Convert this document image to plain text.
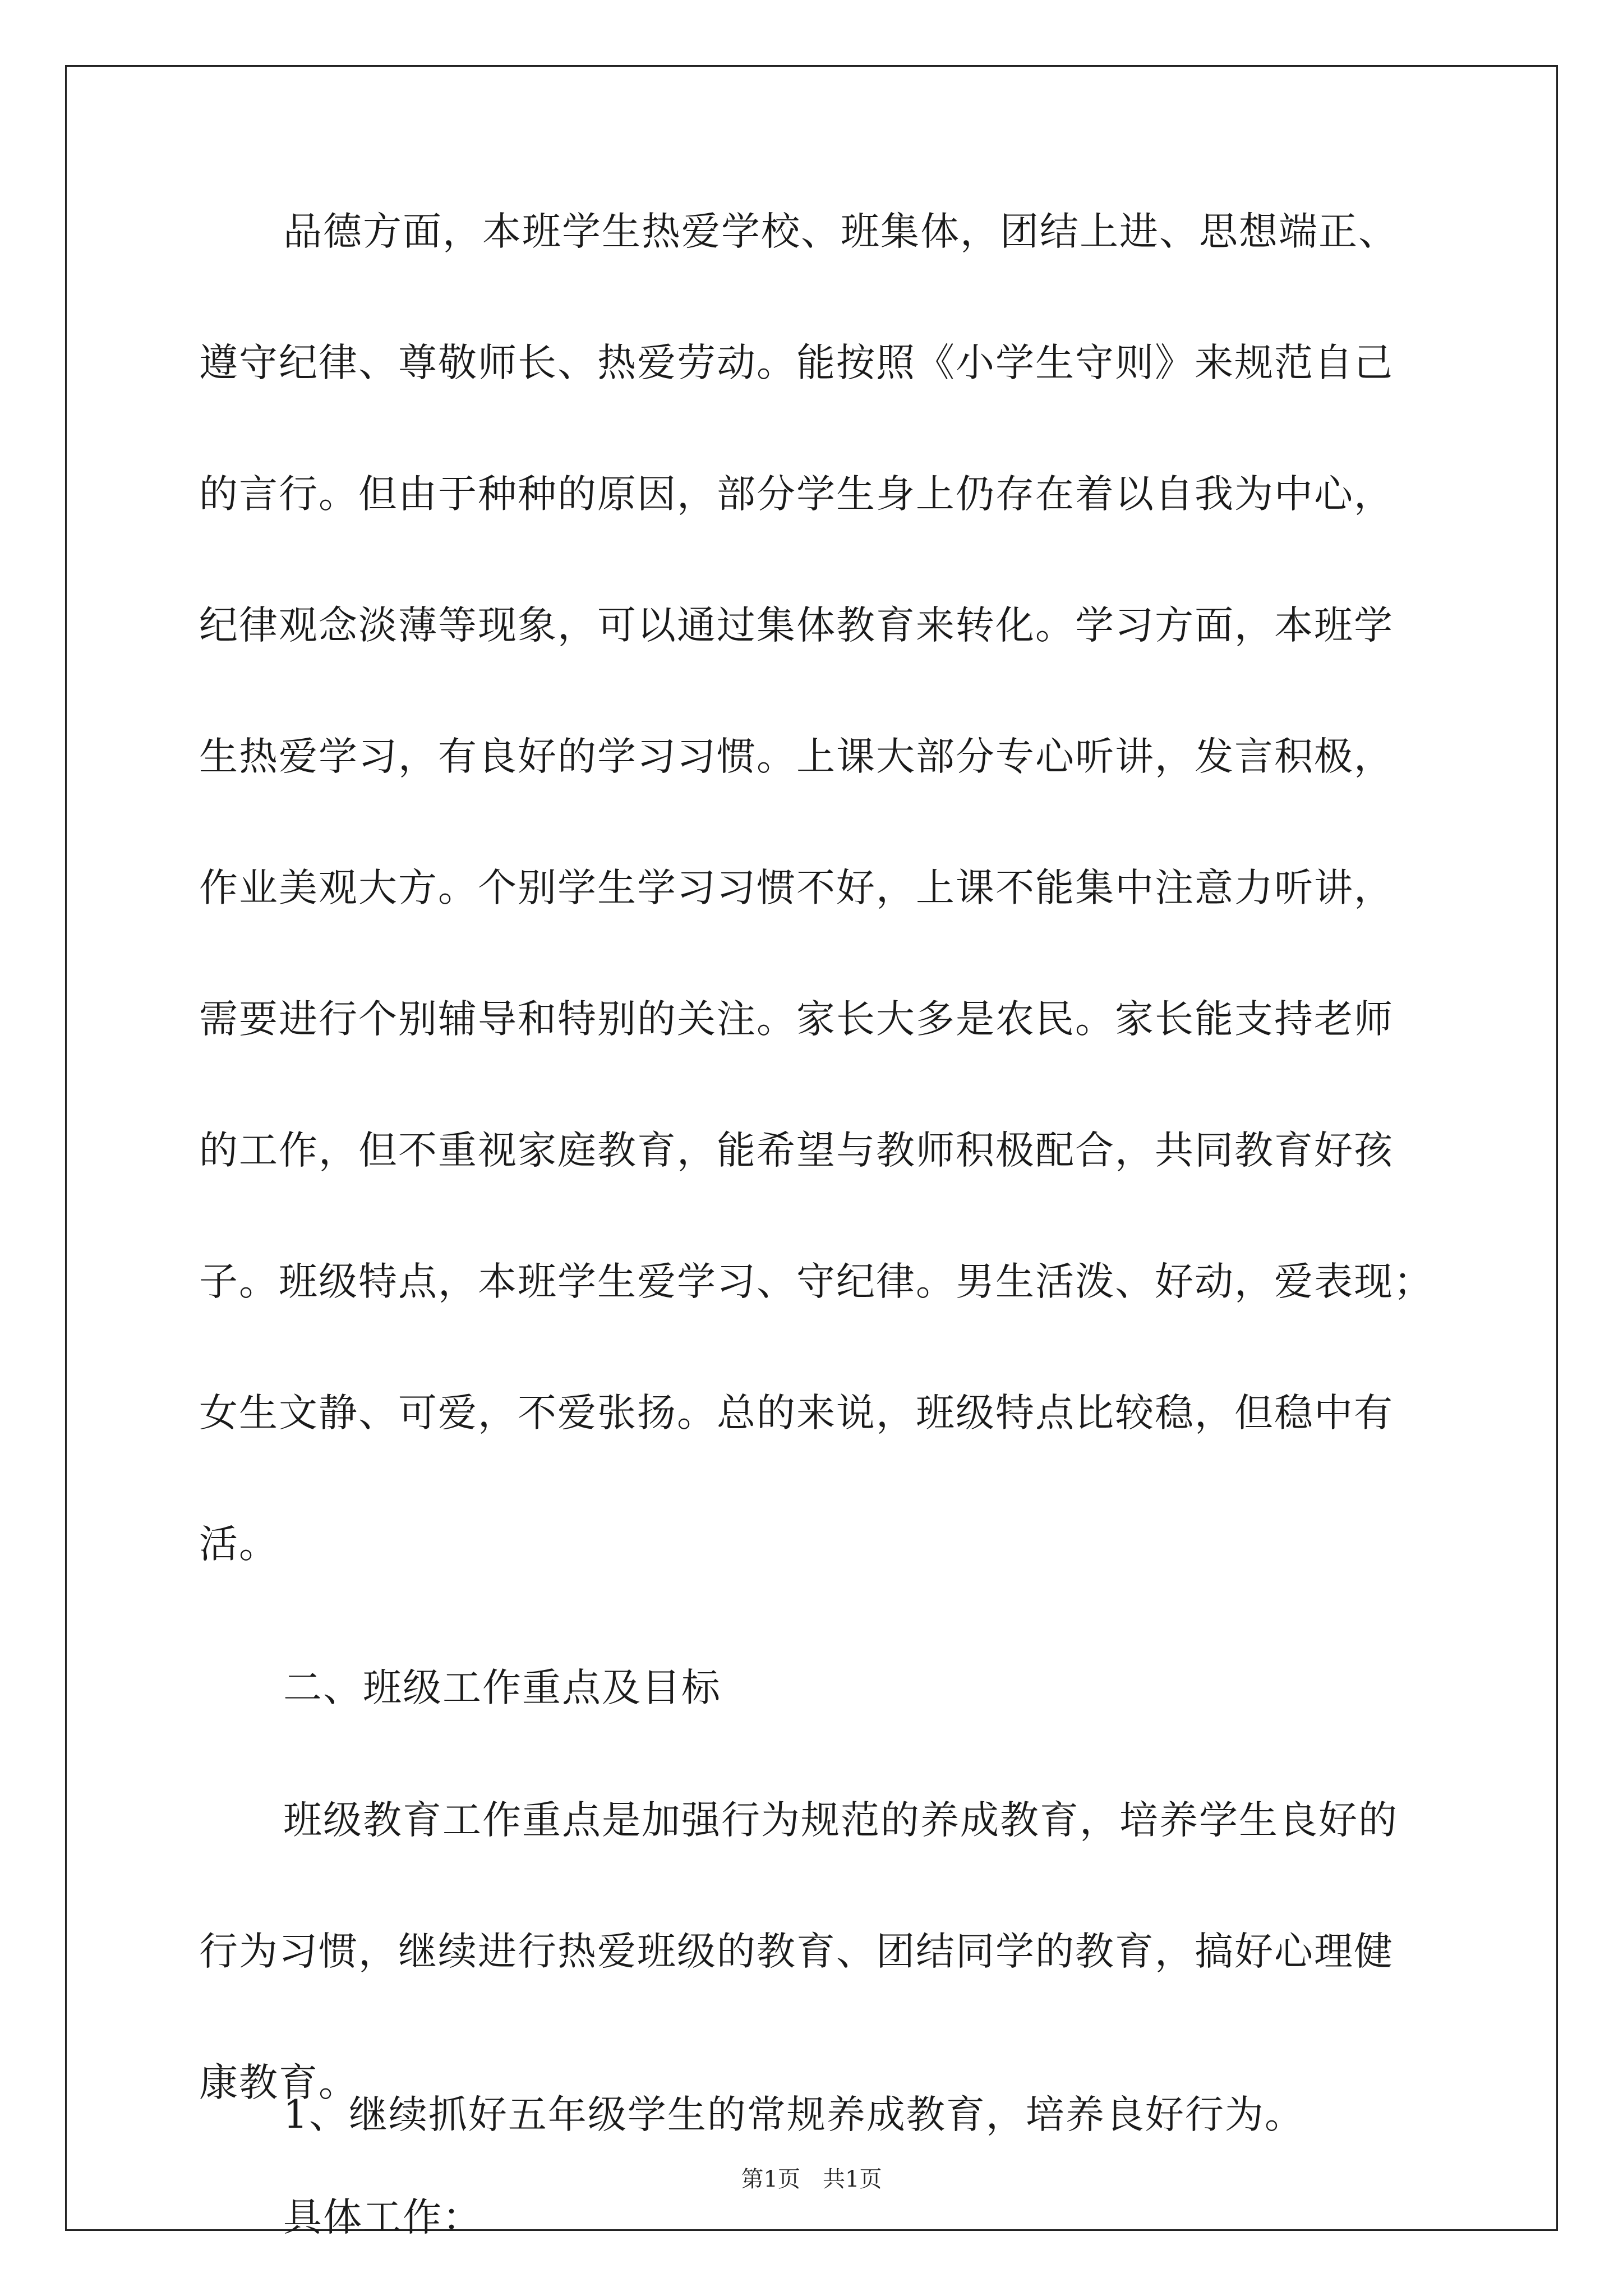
品德方面，本班学生热爱学校、班集体，团结上进、思想端正、
遵守纪律、尊敬师长、热爱劳动。能按照《小学生守则》来规范自己
的言行。但由于种种的原因，部分学生身上仍存在着以自我为中心，
纪律观念淡薄等现象，可以通过集体教育来转化。学习方面，本班学
生热爱学习，有良好的学习习惯。上课大部分专心听讲，发言积极，
作业美观大方。个别学生学习习惯不好，上课不能集中注意力听讲，
需要进行个别辅导和特别的关注。家长大多是农民。家长能支持老师
的工作，但不重视家庭教育，能希望与教师积极配合，共同教育好孩
子。班级特点，本班学生爱学习、守纪律。男生活泼、好动，爱表现；
女生文静、可爱，不爱张扬。总的来说，班级特点比较稳，但稳中有
活。
二、班级工作重点及目标
班级教育工作重点是加强行为规范的养成教育，培养学生良好的
行为习惯，继续进行热爱班级的教育、团结同学的教育，搞好心理健
康教育。
具体工作：
第1页　共1页
1、继续抓好五年级学生的常规养成教育，培养良好行为。
